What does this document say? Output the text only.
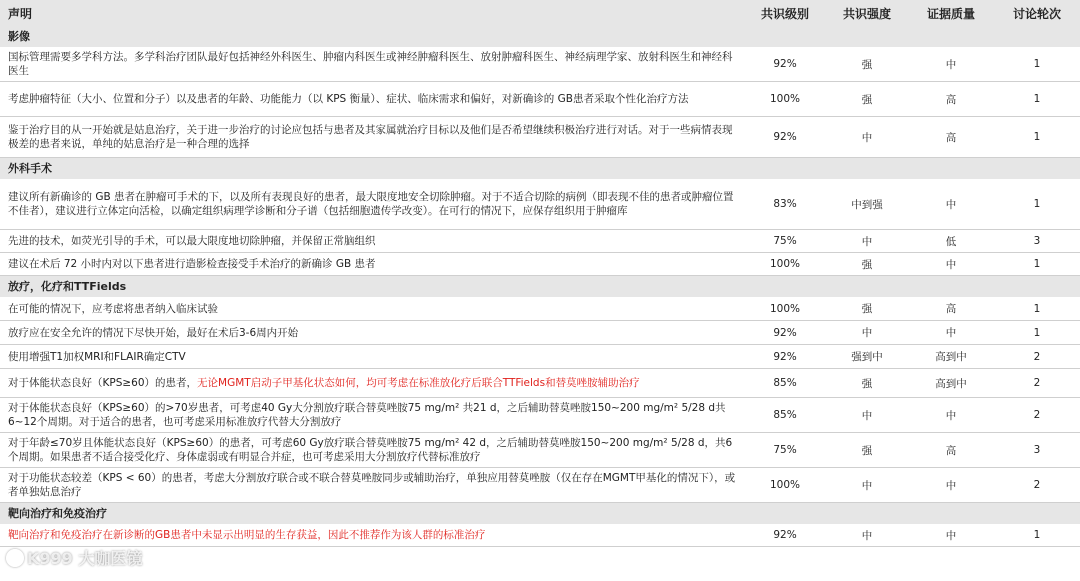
声明	共识级别	共识强度	证据质量	讨论轮次
影像				
国标管理需要多学科方法。多学科治疗团队最好包括神经外科医生、肿瘤内科医生或神经肿瘤科医生、放射肿瘤科医生、神经病理学家、放射科医生和神经科医生	92%	强	中	1
考虑肿瘤特征（大小、位置和分子）以及患者的年龄、功能能力（以 KPS 衡量）、症状、临床需求和偏好，对新确诊的 GB患者采取个性化治疗方法	100%	强	高	1
鉴于治疗目的从一开始就是姑息治疗，关于进一步治疗的讨论应包括与患者及其家属就治疗目标以及他们是否希望继续积极治疗进行对话。对于一些病情表现极差的患者来说，单纯的姑息治疗是一种合理的选择	92%	中	高	1
外科手术				
建议所有新确诊的 GB 患者在肿瘤可手术的下，以及所有表现良好的患者，最大限度地安全切除肿瘤。对于不适合切除的病例（即表现不佳的患者或肿瘤位置不佳者），建议进行立体定向活检，以确定组织病理学诊断和分子谱（包括细胞遗传学改变）。在可行的情况下，应保存组织用于肿瘤库	83%	中到强	中	1
先进的技术，如荧光引导的手术，可以最大限度地切除肿瘤，并保留正常脑组织	75%	中	低	3
建议在术后 72 小时内对以下患者进行造影检查接受手术治疗的新确诊 GB 患者	100%	强	中	1
放疗，化疗和TTFields				
在可能的情况下，应考虑将患者纳入临床试验	100%	强	高	1
放疗应在安全允许的情况下尽快开始，最好在术后3-6周内开始	92%	中	中	1
使用增强T1加权MRI和FLAIR确定CTV	92%	强到中	高到中	2
对于体能状态良好（KPS≥60）的患者，无论MGMT启动子甲基化状态如何，均可考虑在标准放化疗后联合TTFields和替莫唑胺辅助治疗	85%	强	高到中	2
对于体能状态良好（KPS≥60）的>70岁患者，可考虑40 Gy大分割放疗联合替莫唑胺75 mg/m² 共21 d，之后辅助替莫唑胺150~200 mg/m² 5/28 d共6~12个周期。对于适合的患者，也可考虑采用标准放疗代替大分割放疗	85%	中	中	2
对于年龄≤70岁且体能状态良好（KPS≥60）的患者，可考虑60 Gy放疗联合替莫唑胺75 mg/m² 42 d，之后辅助替莫唑胺150~200 mg/m² 5/28 d，共6个周期。如果患者不适合接受化疗、身体虚弱或有明显合并症，也可考虑采用大分割放疗代替标准放疗	75%	强	高	3
对于功能状态较差（KPS < 60）的患者，考虑大分割放疗联合或不联合替莫唑胺同步或辅助治疗，单独应用替莫唑胺（仅在存在MGMT甲基化的情况下），或者单独姑息治疗	100%	中	中	2
靶向治疗和免疫治疗				
靶向治疗和免疫治疗在新诊断的GB患者中未显示出明显的生存获益，因此不推荐作为该人群的标准治疗	92%	中	中	1
K999 大咖医镜
